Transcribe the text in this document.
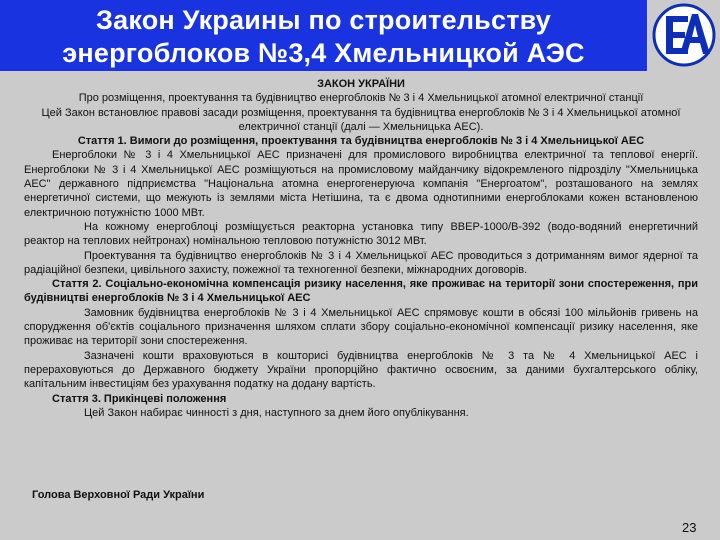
Закон Украины по строительству
энергоблоков №3,4 Хмельницкой АЭС

ЗАКОН УКРАЇНИ

Про розміщення, проектування та будівництво енергоблоків № 3 і 4 Хмельницької атомної електричної станції

Цей Закон встановлює правові засади розміщення, проектування та будівництва енергоблоків № 3 і 4 Хмельницької атомної електричної станції (далі — Хмельницька АЕС).

Стаття 1. Вимоги до розміщення, проектування та будівництва енергоблоків № 3 і 4 Хмельницької АЕС

Енергоблоки № 3 і 4 Хмельницької АЕС призначені для промислового виробництва електричної та теплової енергії. Енергоблоки № 3 і 4 Хмельницької АЕС розміщуються на промисловому майданчику відокремленого підрозділу "Хмельницька АЕС" державного підприємства "Національна атомна енергогенеруюча компанія "Енергоатом", розташованого на землях енергетичної системи, що межують із землями міста Нетішина, та є двома однотипними енергоблоками кожен встановленою електричною потужністю 1000 МВт.

На кожному енергоблоці розміщується реакторна установка типу ВВЕР-1000/В-392 (водо-водяний енергетичний реактор на теплових нейтронах) номінальною тепловою потужністю 3012 МВт.

Проектування та будівництво енергоблоків № 3 і 4 Хмельницької АЕС проводиться з дотриманням вимог ядерної та радіаційної безпеки, цивільного захисту, пожежної та техногенної безпеки, міжнародних договорів.

Стаття 2. Соціально-економічна компенсація ризику населення, яке проживає на території зони спостереження, при будівництві енергоблоків № 3 і 4 Хмельницької АЕС

Замовник будівництва енергоблоків № 3 і 4 Хмельницької АЕС спрямовує кошти в обсязі 100 мільйонів гривень на спорудження об'єктів соціального призначення шляхом сплати збору соціально-економічної компенсації ризику населення, яке проживає на території зони спостереження.

Зазначені кошти враховуються в кошторисі будівництва енергоблоків № 3 та № 4 Хмельницької АЕС і перераховуються до Державного бюджету України пропорційно фактично освоєним, за даними бухгалтерського обліку, капітальним інвестиціям без урахування податку на додану вартість.

Стаття 3. Прикінцеві положення

Цей Закон набирає чинності з дня, наступного за днем його опублікування.

Голова Верховної Ради України
23
